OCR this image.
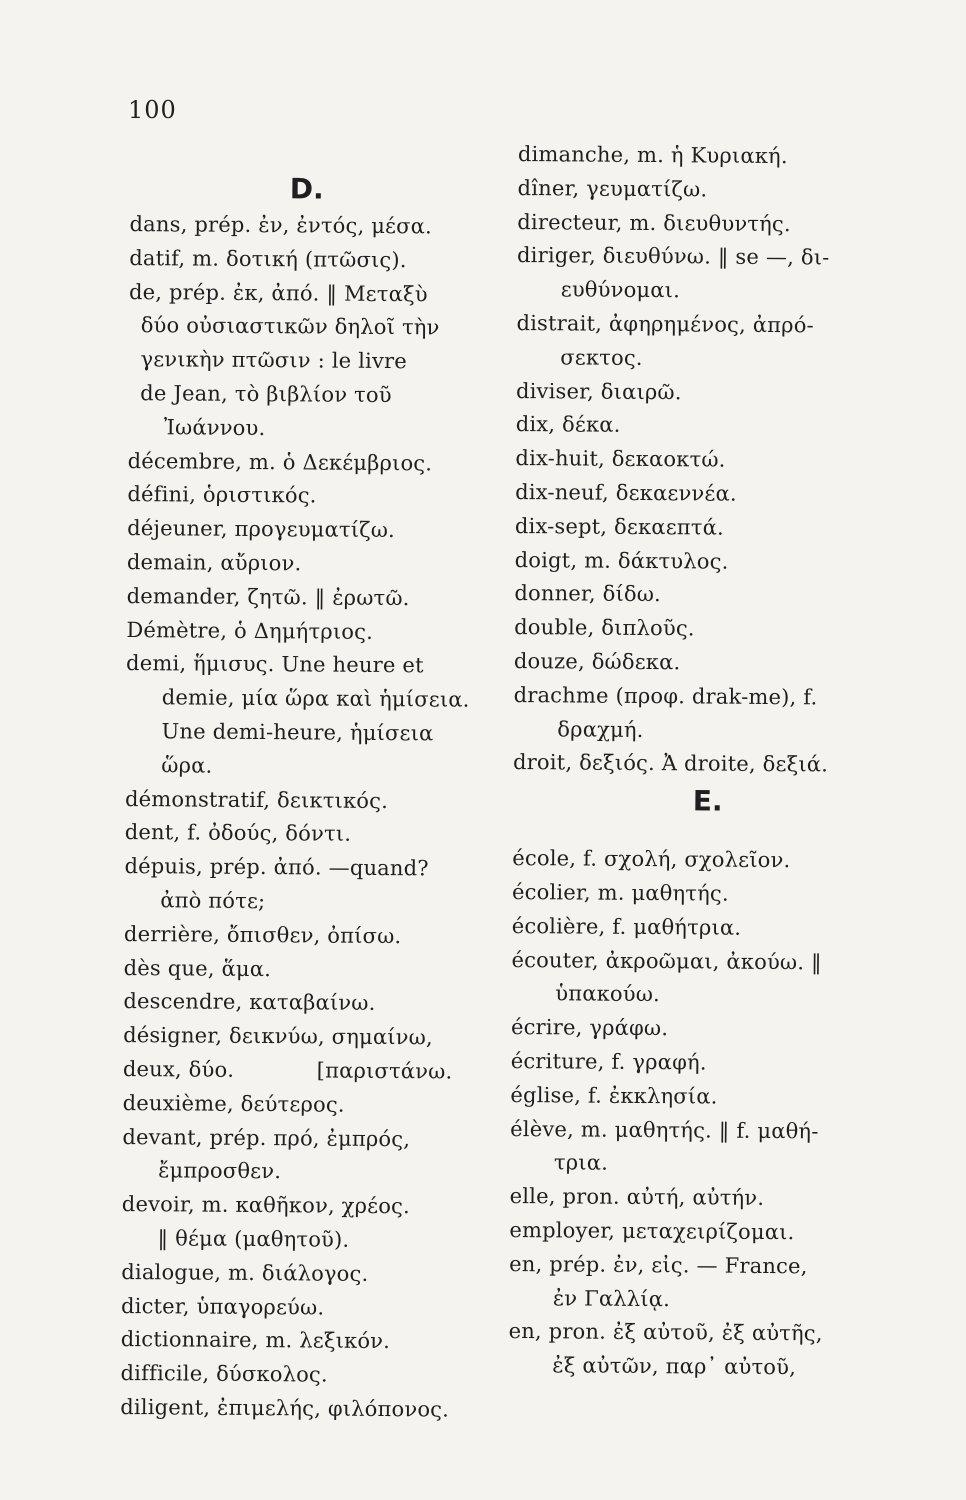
100
D.
dans, prép. ἐν, ἐντός, μέσα.
datif, m. δοτική (πτῶσις).
de, prép. ἐκ, ἀπό. ‖ Μεταξὺ
δύο οὐσιαστικῶν δηλοῖ τὴν
γενικὴν πτῶσιν : le livre
de Jean, τὸ βιβλίον τοῦ
Ἰωάννου.
décembre, m. ὁ Δεκέμβριος.
défini, ὁριστικός.
déjeuner, προγευματίζω.
demain, αὔριον.
demander, ζητῶ. ‖ ἐρωτῶ.
Démètre, ὁ Δημήτριος.
demi, ἥμισυς. Une heure et
demie, μία ὥρα καὶ ἡμίσεια.
Une demi-heure, ἡμίσεια
ὥρα.
démonstratif, δεικτικός.
dent, f. ὀδούς, δόντι.
dépuis, prép. ἀπό. —quand?
ἀπὸ πότε;
derrière, ὄπισθεν, ὀπίσω.
dès que, ἅμα.
descendre, καταβαίνω.
désigner, δεικνύω, σημαίνω,
deux, δύο.            [παριστάνω.
deuxième, δεύτερος.
devant, prép. πρό, ἐμπρός,
ἔμπροσθεν.
devoir, m. καθῆκον, χρέος.
‖ θέμα (μαθητοῦ).
dialogue, m. διάλογος.
dicter, ὑπαγορεύω.
dictionnaire, m. λεξικόν.
difficile, δύσκολος.
diligent, ἐπιμελής, φιλόπονος.
dimanche, m. ἡ Κυριακή.
dîner, γευματίζω.
directeur, m. διευθυντής.
diriger, διευθύνω. ‖ se —, δι-
ευθύνομαι.
distrait, ἀφηρημένος, ἀπρό-
σεκτος.
diviser, διαιρῶ.
dix, δέκα.
dix-huit, δεκαοκτώ.
dix-neuf, δεκαεννέα.
dix-sept, δεκαεπτά.
doigt, m. δάκτυλος.
donner, δίδω.
double, διπλοῦς.
douze, δώδεκα.
drachme (προφ. drak-me), f.
δραχμή.
droit, δεξιός. Ἀ droite, δεξιά.
E.
école, f. σχολή, σχολεῖον.
écolier, m. μαθητής.
écolière, f. μαθήτρια.
écouter, ἀκροῶμαι, ἀκούω. ‖
ὑπακούω.
écrire, γράφω.
écriture, f. γραφή.
église, f. ἐκκλησία.
élève, m. μαθητής. ‖ f. μαθή-
τρια.
elle, pron. αὐτή, αὐτήν.
employer, μεταχειρίζομαι.
en, prép. ἐν, εἰς. — France,
ἐν Γαλλίᾳ.
en, pron. ἐξ αὐτοῦ, ἐξ αὐτῆς,
ἐξ αὐτῶν, παρ᾽ αὐτοῦ,
